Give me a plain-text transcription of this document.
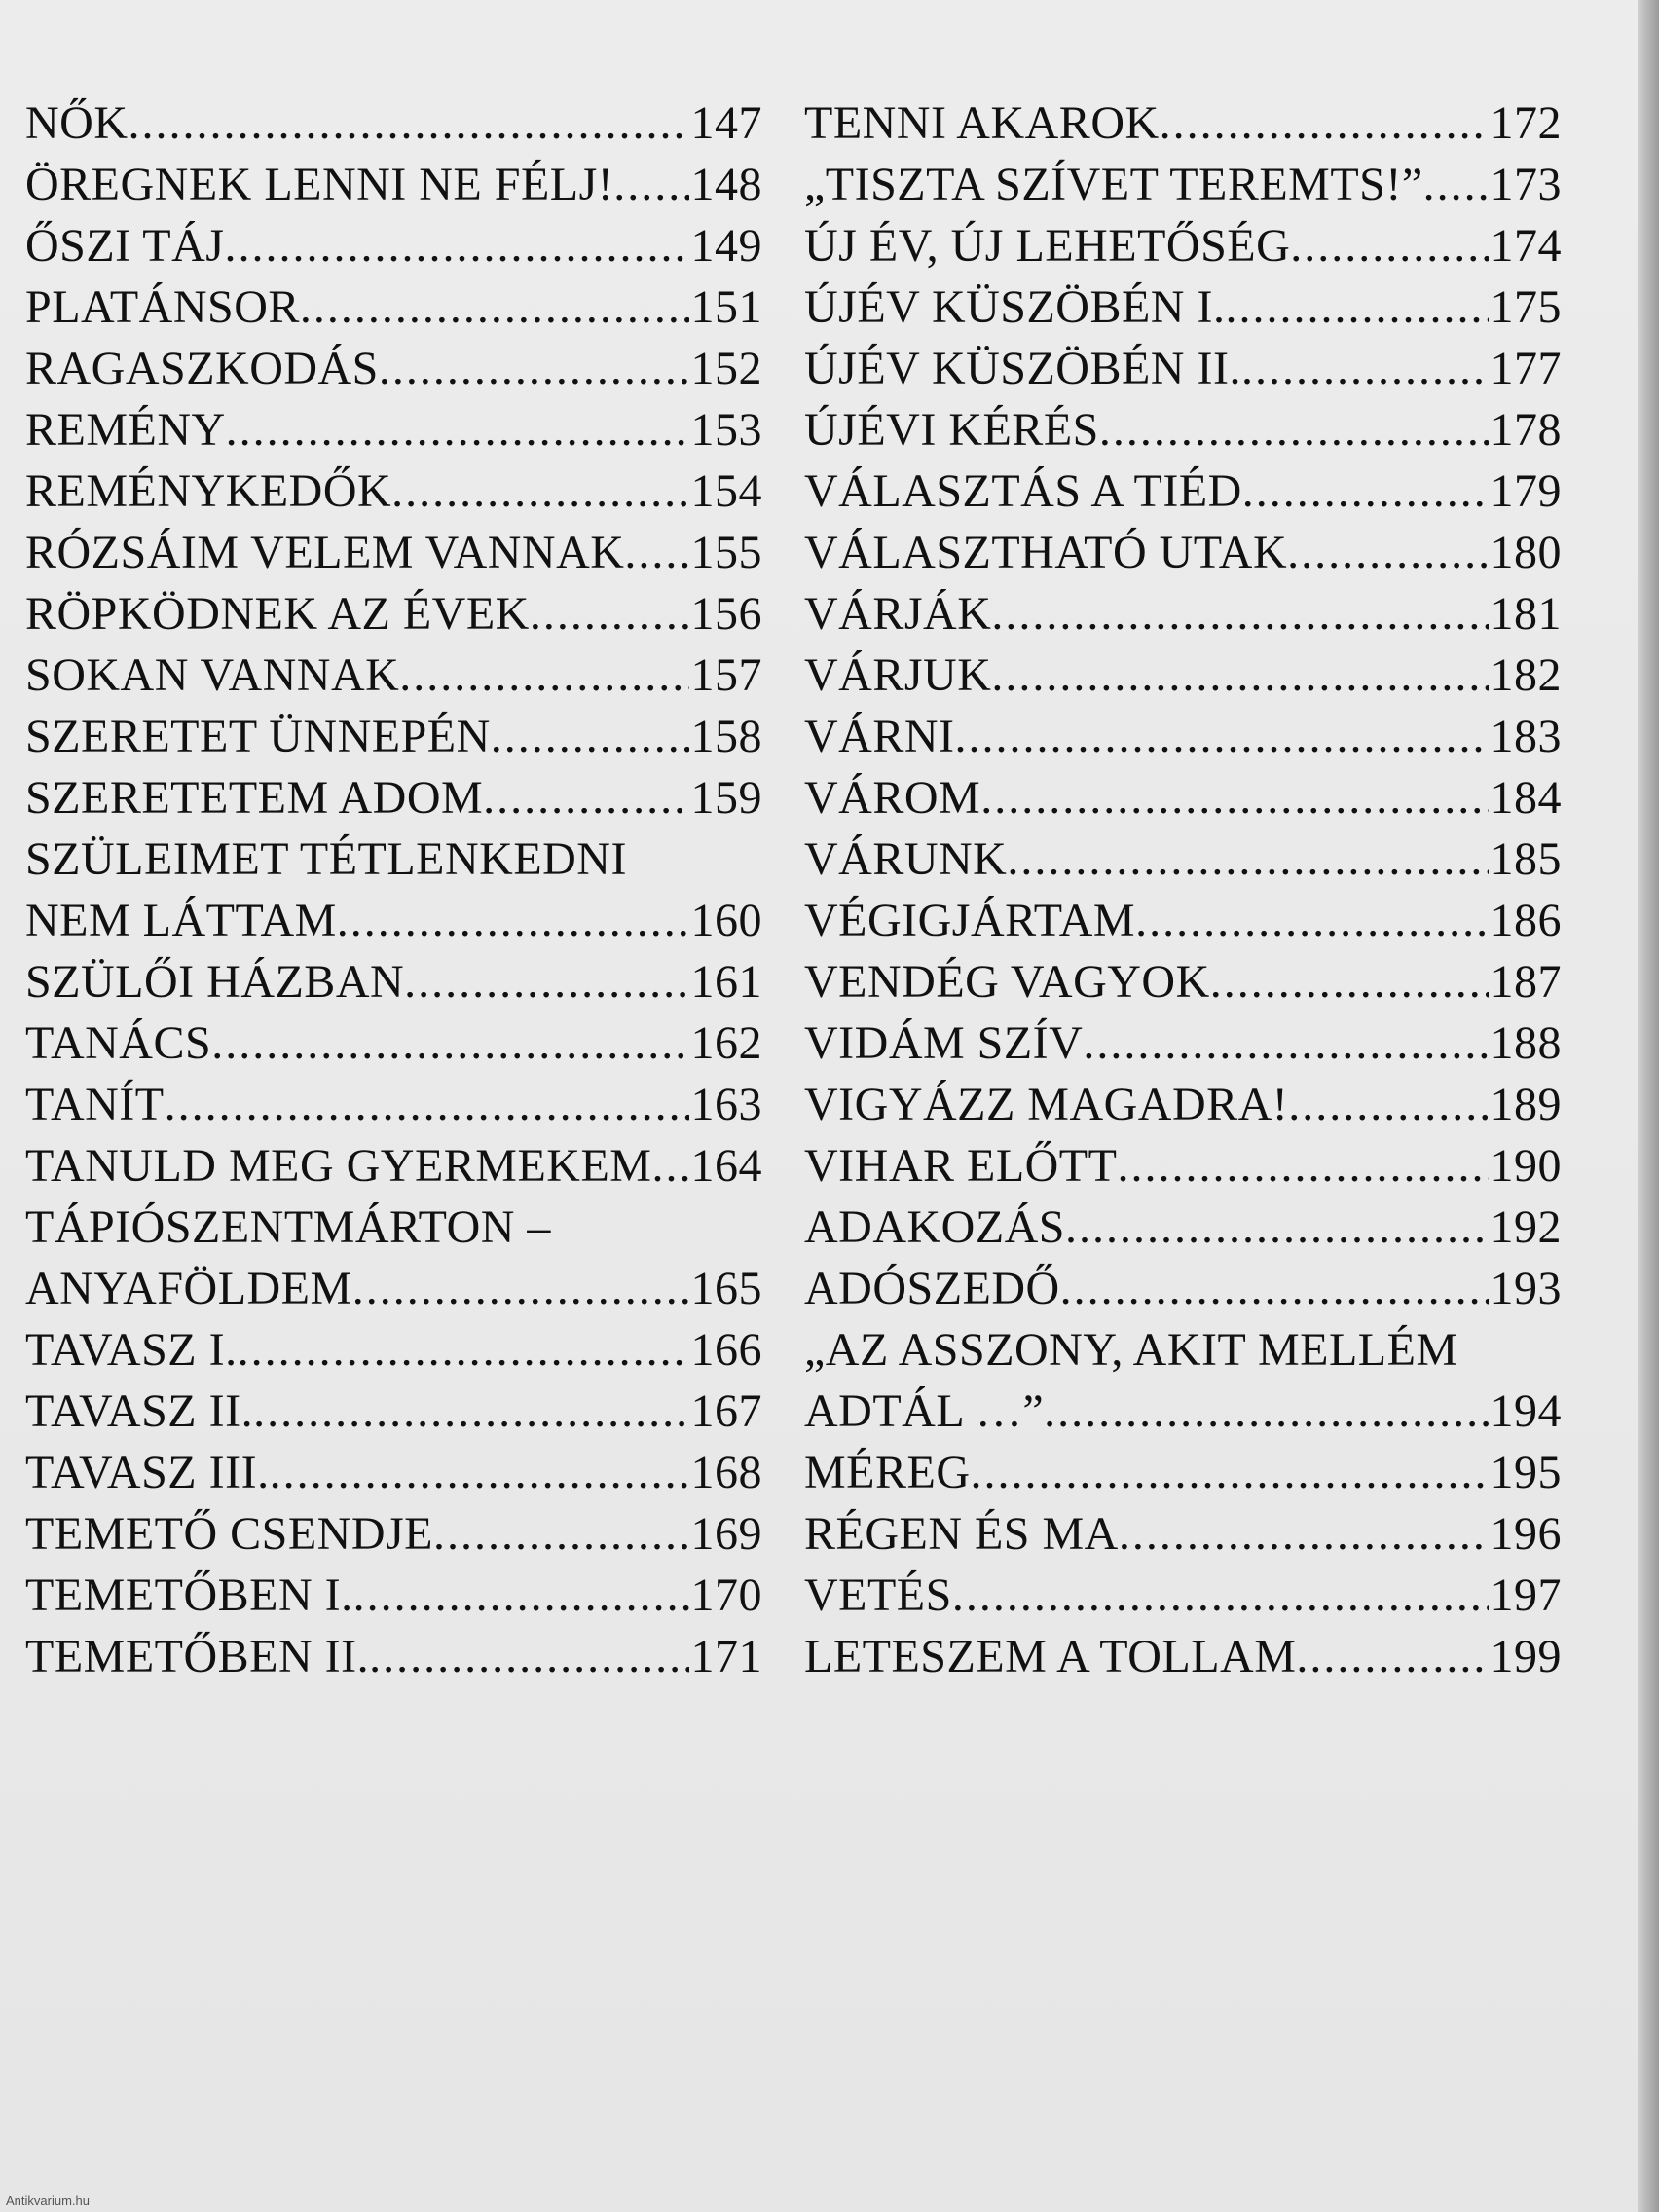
NŐK .....	147
ÖREGNEK LENNI NE FÉLJ! ..... 148
ŐSZI TÁJ .....	149
PLATÁNSOR .....	151
RAGASZKODÁS .....	152
REMÉNY .....	153
REMÉNYKEDŐK .....	154
RÓZSÁIM VELEM VANNAK ..... 155
RÖPKÖDNEK AZ ÉVEK .....	156
SOKAN VANNAK .....	157
SZERETET ÜNNEPÉN .....	158
SZERETETEM ADOM .....	159
SZÜLEIMET TÉTLENKEDNI
NEM LÁTTAM .....	160
SZÜLŐI HÁZBAN .....	161
TANÁCS .....	162
TANÍT .....	163
TANULD MEG GYERMEKEM ..... 164
TÁPIÓSZENTMÁRTON –
ANYAFÖLDEM .....	165
TAVASZ I. .....	166
TAVASZ II. .....	167
TAVASZ III. .....	168
TEMETŐ CSENDJE .....	169
TEMETŐBEN I. .....	170
TEMETŐBEN II. .....	171
TENNI AKAROK .....	172
„TISZTA SZÍVET TEREMTS!” ..... 173
ÚJ ÉV, ÚJ LEHETŐSÉG .....	174
ÚJÉV KÜSZÖBÉN I. .....	175
ÚJÉV KÜSZÖBÉN II. .....	177
ÚJÉVI KÉRÉS .....	178
VÁLASZTÁS A TIÉD .....	179
VÁLASZTHATÓ UTAK .....	180
VÁRJÁK .....	181
VÁRJUK .....	182
VÁRNI .....	183
VÁROM .....	184
VÁRUNK .....	185
VÉGIGJÁRTAM .....	186
VENDÉG VAGYOK .....	187
VIDÁM SZÍV .....	188
VIGYÁZZ MAGADRA! .....	189
VIHAR ELŐTT .....	190
ADAKOZÁS .....	192
ADÓSZEDŐ .....	193
„AZ ASSZONY, AKIT MELLÉM
ADTÁL …” .....	194
MÉREG .....	195
RÉGEN ÉS MA .....	196
VETÉS .....	197
LETESZEM A TOLLAM .....	199
Antikvarium.hu
